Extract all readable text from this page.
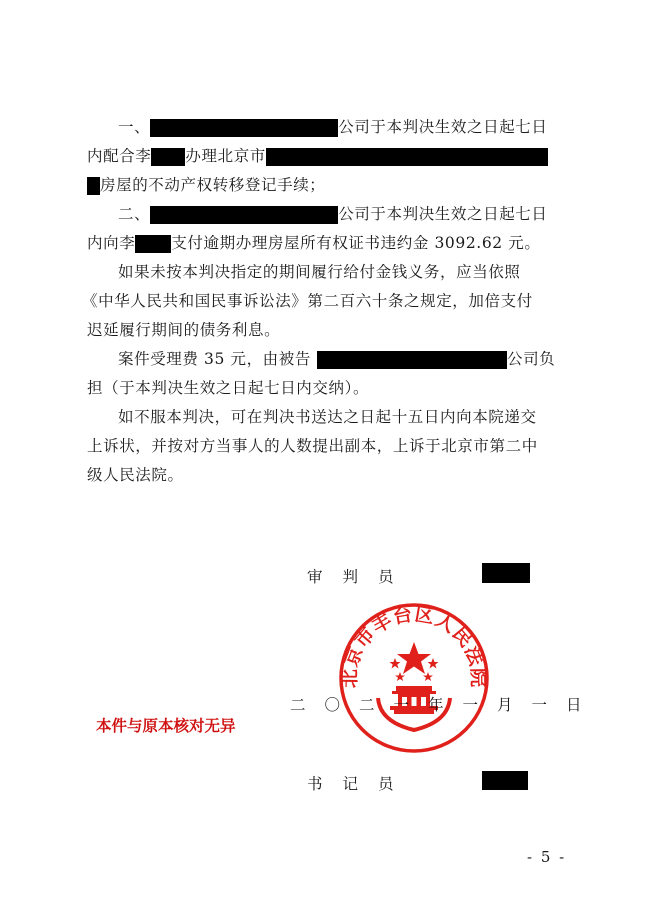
一、	公司于本判决生效之日起七日
内配合李 办理北京市
房屋的不动产权转移登记手续；
二、	公司于本判决生效之日起七日
内向李 支付逾期办理房屋所有权证书违约金 3092.62 元。
如果未按本判决指定的期间履行给付金钱义务，应当依照
《中华人民共和国民事诉讼法》第二百六十条之规定，加倍支付
迟延履行期间的债务利息。
案件受理费 35 元，由被告	公司负
担（于本判决生效之日起七日内交纳）。
如不服本判决，可在判决书送达之日起十五日内向本院递交
上诉状，并按对方当事人的人数提出副本，上诉于北京市第二中
级人民法院。
审判员
北京市丰台区人民法院
二〇二一年一月一日
本件与原本核对无异
书记员
- 5 -
